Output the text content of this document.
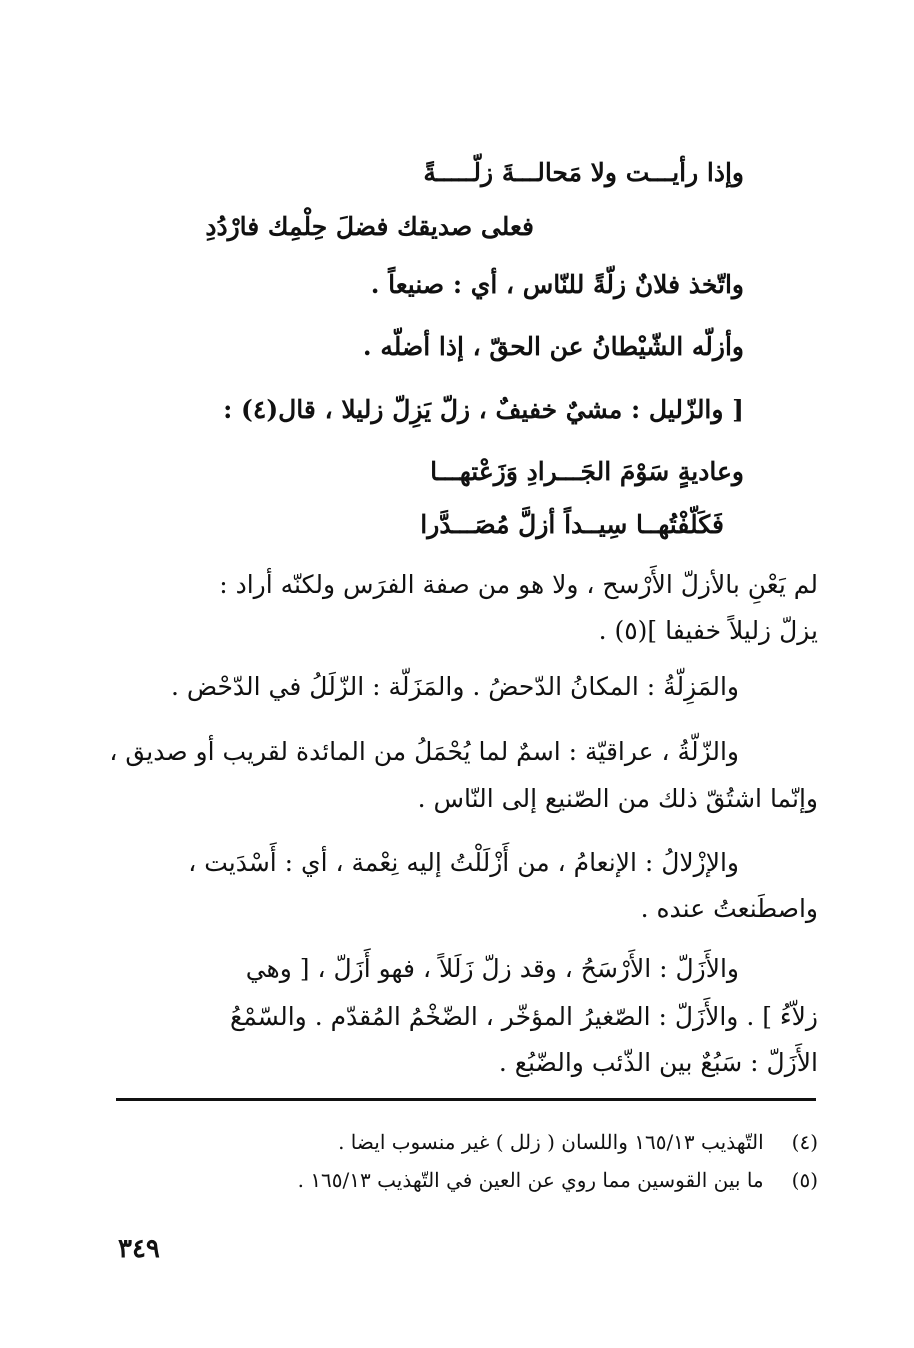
وإذا رأيـــت ولا مَحالـــةَ زلّـــــةً
فعلى صديقك فضلَ حِلْمِك فارْدُدِ
واتّخذ فلانٌ زلّةً للنّاس ، أي : صنيعاً .
وأزلّه الشّيْطانُ عن الحقّ ، إذا أضلّه .
[ والزّليل : مشيٌ خفيفٌ ، زلّ يَزِلّ زليلا ، قال(٤) :
وعاديةٍ سَوْمَ الجَـــرادِ وَزَعْتهـــا
فَكَلّفْتُهــا سِيــداً أزلَّ مُصَـــدَّرا
لم يَعْنِ بالأزلّ الأَرْسح ، ولا هو من صفة الفرَس ولكنّه أراد :
يزلّ زليلاً خفيفا ](٥) .
والمَزِلّةُ : المكانُ الدّحضُ . والمَزَلّة : الزّلَلُ في الدّحْض .
والزّلّةُ ، عراقيّة : اسمٌ لما يُحْمَلُ من المائدة لقريب أو صديق ،
وإنّما اشتُقّ ذلك من الصّنيع إلى النّاس .
والإزْلالُ : الإنعامُ ، من أَزْلَلْتُ إليه نِعْمة ، أي : أَسْدَيت ،
واصطَنعتُ عنده .
والأَزَلّ : الأَرْسَحُ ، وقد زلّ زَلَلاً ، فهو أَزَلّ ، [ وهي
زلاّءُ ] . والأَزَلّ : الصّغيرُ المؤخّر ، الضّخْمُ المُقدّم . والسّمْعُ
الأَزَلّ : سَبُعٌ بين الذّئب والضّبُع .
(٤) التّهذيب ١٦٥/١٣ واللسان ( زلل ) غير منسوب ايضا .
(٥) ما بين القوسين مما روي عن العين في التّهذيب ١٦٥/١٣ .
٣٤٩
